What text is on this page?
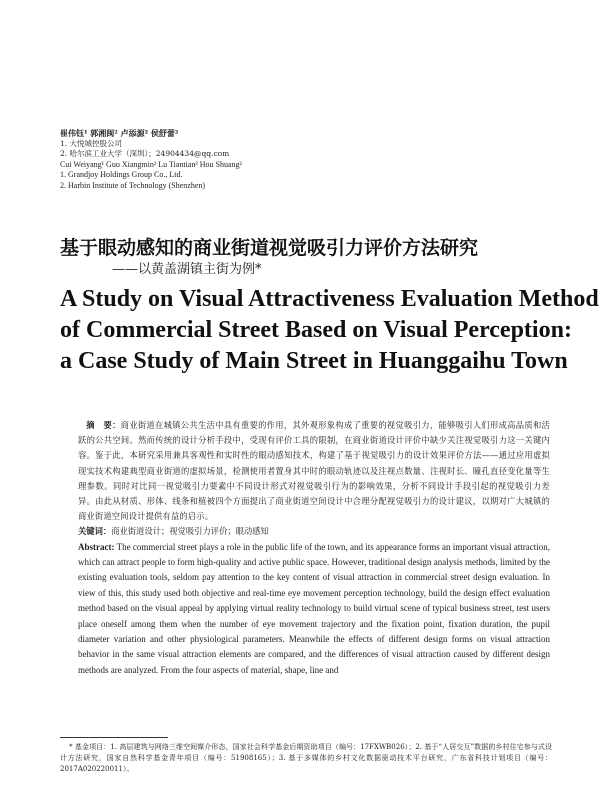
崔伟钰¹ 郭湘闽² 卢添源² 侯舒蕾²
1. 大悦城控股公司
2. 哈尔滨工业大学（深圳）；24904434@qq.com
Cui Weiyang¹ Guo Xiangmin² Lu Tiantian² Hou Shuang²
1. Grandjoy Holdings Group Co., Ltd.
2. Harbin Institute of Technology (Shenzhen)
基于眼动感知的商业街道视觉吸引力评价方法研究
——以黄盖湖镇主街为例*
A Study on Visual Attractiveness Evaluation Method
of Commercial Street Based on Visual Perception:
a Case Study of Main Street in Huanggaihu Town

摘　要：商业街道在城镇公共生活中具有重要的作用，其外观形象构成了重要的视觉吸引力，能够吸引人们形成高品质和活跃的公共空间。然而传统的设计分析手段中，受现有评价工具的限制，在商业街道设计评价中缺少关注视觉吸引力这一关键内容。鉴于此，本研究采用兼具客观性和实时性的眼动感知技术，构建了基于视觉吸引力的设计效果评价方法——通过应用虚拟现实技术构建典型商业街道的虚拟场景，检测使用者置身其中时的眼动轨迹以及注视点数量、注视时长、瞳孔直径变化量等生理参数。同时对比同一视觉吸引力要素中不同设计形式对视觉吸引行为的影响效果，分析不同设计手段引起的视觉吸引力差异。由此从材质、形体、线条和植被四个方面提出了商业街道空间设计中合理分配视觉吸引力的设计建议，以期对广大城镇的商业街道空间设计提供有益的启示。

关键词：商业街道设计；视觉吸引力评价；眼动感知

Abstract: The commercial street plays a role in the public life of the town, and its appearance forms an important visual attraction, which can attract people to form high-quality and active public space. However, traditional design analysis methods, limited by the existing evaluation tools, seldom pay attention to the key content of visual attraction in commercial street design evaluation. In view of this, this study used both objective and real-time eye movement perception technology, build the design effect evaluation method based on the visual appeal by applying virtual reality technology to build virtual scene of typical business street, test users place oneself among them when the number of eye movement trajectory and the fixation point, fixation duration, the pupil diameter variation and other physiological parameters. Meanwhile the effects of different design forms on visual attraction behavior in the same visual attraction elements are compared, and the differences of visual attraction caused by different design methods are analyzed. From the four aspects of material, shape, line and

* 基金项目：1. 高层建筑与网络三维空间媒介形态，国家社会科学基金后期资助项目（编号：17FXWB026）；2. 基于“人居交互”数据的乡村住宅参与式设计方法研究，国家自然科学基金青年项目（编号：51908165）；3. 基于多媒体的乡村文化数据驱动技术平台研究，广东省科技计划项目（编号：2017A020220011）。
